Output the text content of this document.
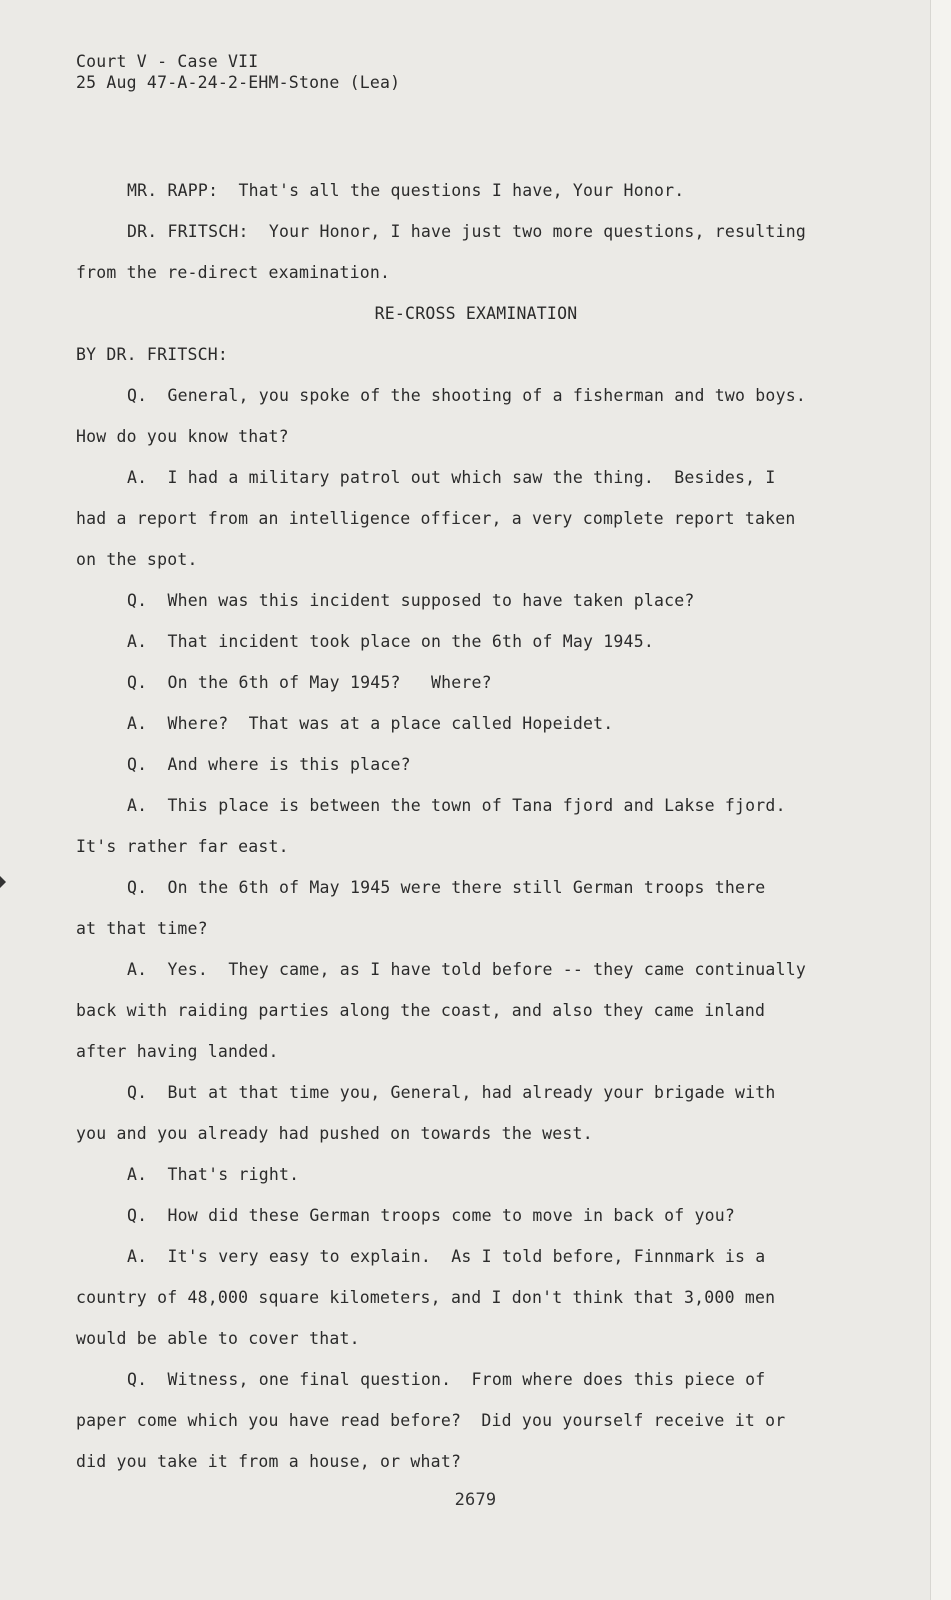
Court V - Case VII
25 Aug 47-A-24-2-EHM-Stone (Lea)
MR. RAPP:  That's all the questions I have, Your Honor.
DR. FRITSCH:  Your Honor, I have just two more questions, resulting
from the re-direct examination.
RE-CROSS EXAMINATION
BY DR. FRITSCH:
Q.  General, you spoke of the shooting of a fisherman and two boys.
How do you know that?
A.  I had a military patrol out which saw the thing.  Besides, I
had a report from an intelligence officer, a very complete report taken
on the spot.
Q.  When was this incident supposed to have taken place?
A.  That incident took place on the 6th of May 1945.
Q.  On the 6th of May 1945?   Where?
A.  Where?  That was at a place called Hopeidet.
Q.  And where is this place?
A.  This place is between the town of Tana fjord and Lakse fjord.
It's rather far east.
Q.  On the 6th of May 1945 were there still German troops there
at that time?
A.  Yes.  They came, as I have told before -- they came continually
back with raiding parties along the coast, and also they came inland
after having landed.
Q.  But at that time you, General, had already your brigade with
you and you already had pushed on towards the west.
A.  That's right.
Q.  How did these German troops come to move in back of you?
A.  It's very easy to explain.  As I told before, Finnmark is a
country of 48,000 square kilometers, and I don't think that 3,000 men
would be able to cover that.
Q.  Witness, one final question.  From where does this piece of
paper come which you have read before?  Did you yourself receive it or
did you take it from a house, or what?
2679
